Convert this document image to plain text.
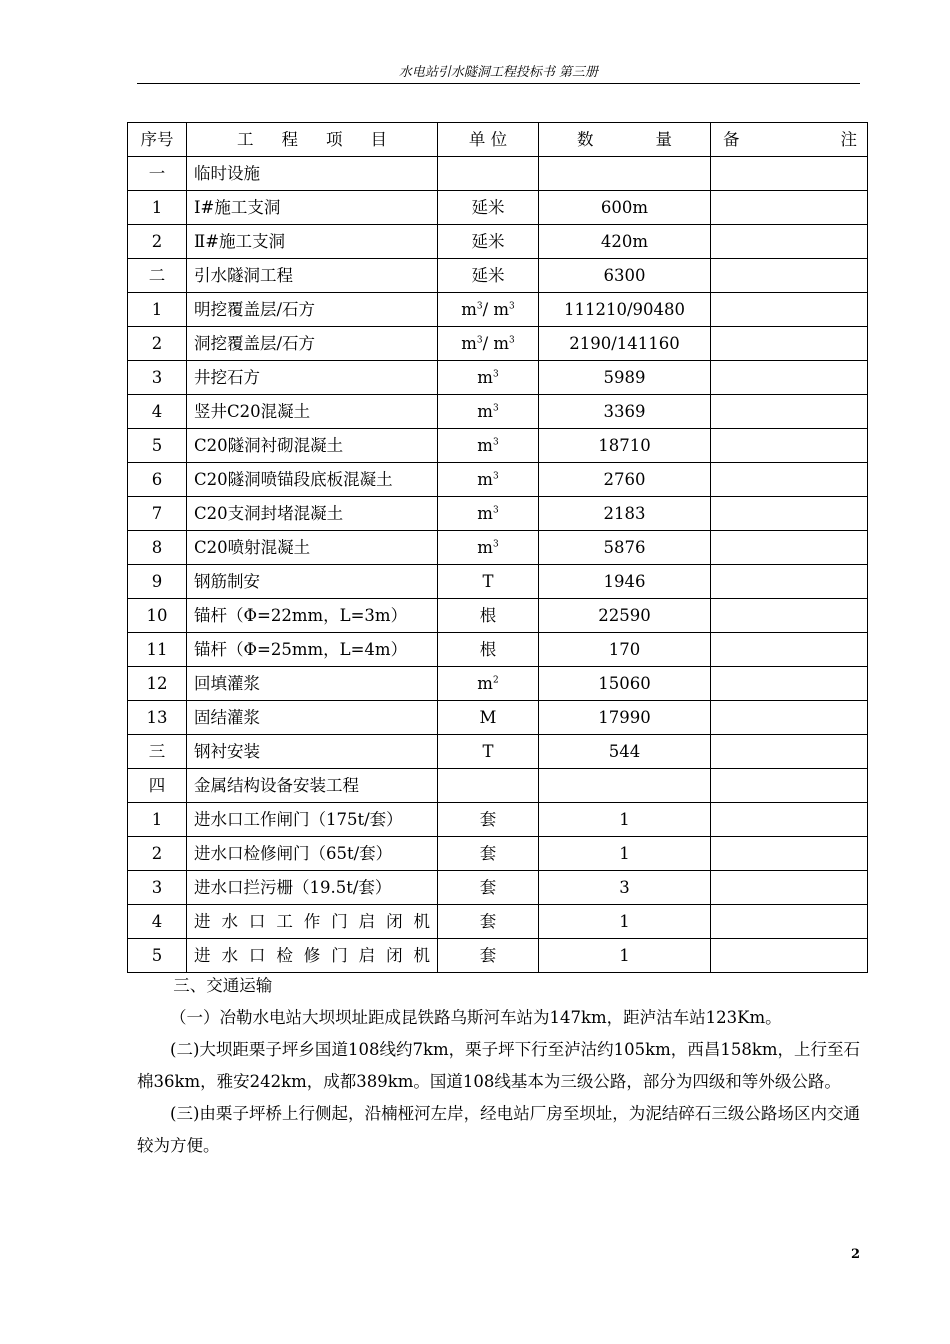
水电站引水隧洞工程投标书 第三册
序号	工 程 项 目	单 位	数 量	备 注

一	临时设施			
1	Ⅰ#施工支洞	延米	600m	
2	Ⅱ#施工支洞	延米	420m	
二	引水隧洞工程	延米	6300	
1	明挖覆盖层/石方	$m^3/$ $m^3$	111210/90480	
2	洞挖覆盖层/石方	$m^3/$ $m^3$	2190/141160	
3	井挖石方	$m^3$	5989	
4	竖井C20混凝土	$m^3$	3369	
5	C20隧洞衬砌混凝土	$m^3$	18710	
6	C20隧洞喷锚段底板混凝土	$m^3$	2760	
7	C20支洞封堵混凝土	$m^3$	2183	
8	C20喷射混凝土	$m^3$	5876	
9	钢筋制安	T	1946	
10	锚杆（Φ=22mm，L=3m）	根	22590	
11	锚杆（Φ=25mm，L=4m）	根	170	
12	回填灌浆	$m^2$	15060	
13	固结灌浆	M	17990	
三	钢衬安装	T	544	
四	金属结构设备安装工程			
1	进水口工作闸门（175t/套）	套	1	
2	进水口检修闸门（65t/套）	套	1	
3	进水口拦污栅（19.5t/套）	套	3	
4	进水口工作门启闭机	套	1	
5	进水口检修门启闭机	套	1	

三、交通运输

（一）冶勒水电站大坝坝址距成昆铁路乌斯河车站为147km，距泸沽车站123Km。

(二)大坝距栗子坪乡国道108线约7km，栗子坪下行至泸沽约105km，西昌158km，上行至石棉36km，雅安242km，成都389km。国道108线基本为三级公路，部分为四级和等外级公路。

(三)由栗子坪桥上行侧起，沿楠桠河左岸，经电站厂房至坝址，为泥结碎石三级公路场区内交通较为方便。

2
